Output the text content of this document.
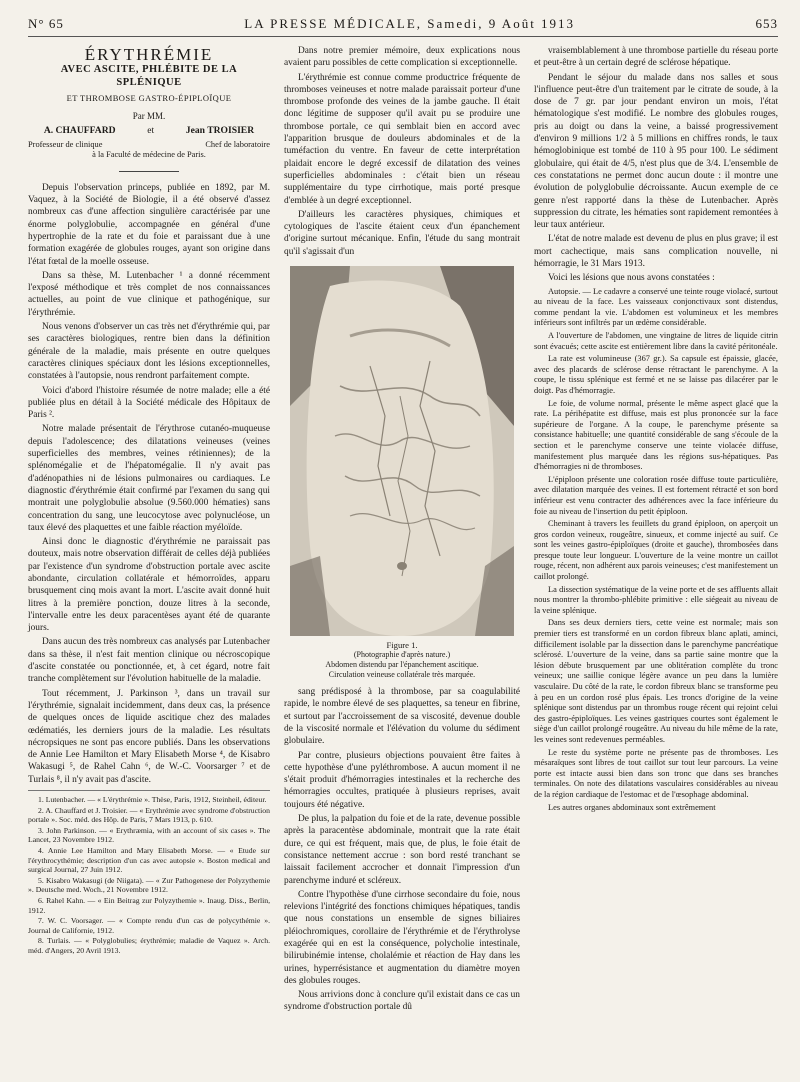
N° 65	LA PRESSE MÉDICALE, Samedi, 9 Août 1913	653
ÉRYTHRÉMIE
AVEC ASCITE, PHLÉBITE DE LA SPLÉNIQUE
ET THROMBOSE GASTRO-ÉPIPLOÏQUE
Par MM.
A. CHAUFFARD	et	Jean TROISIER
Professeur de clinique	Chef de laboratoire
à la Faculté de médecine de Paris.

Depuis l'observation princeps, publiée en 1892, par M. Vaquez, à la Société de Biologie, il a été observé d'assez nombreux cas d'une affection singulière caractérisée par une énorme polyglobulie, accompagnée en général d'une hypertrophie de la rate et du foie et paraissant due à une formation exagérée de globules rouges, ayant son origine dans l'état fœtal de la moelle osseuse.

Dans sa thèse, M. Lutenbacher ¹ a donné récemment l'exposé méthodique et très complet de nos connaissances actuelles, au point de vue clinique et pathogénique, sur l'érythrémie.

Nous venons d'observer un cas très net d'érythrémie qui, par ses caractères biologiques, rentre bien dans la définition générale de la maladie, mais présente en outre quelques caractères cliniques spéciaux dont les lésions exceptionnelles, constatées à l'autopsie, nous rendront parfaitement compte.

Voici d'abord l'histoire résumée de notre malade; elle a été publiée plus en détail à la Société médicale des Hôpitaux de Paris ².

Notre malade présentait de l'érythrose cutanéo-muqueuse depuis l'adolescence; des dilatations veineuses (veines superficielles des membres, veines rétiniennes); de la splénomégalie et de l'hépatomégalie. Il n'y avait pas d'adénopathies ni de lésions pulmonaires ou cardiaques. Le diagnostic d'érythrémie était confirmé par l'examen du sang qui montrait une polyglobulie absolue (9.560.000 hématies) sans concentration du sang, une leucocytose avec polynucléose, un taux élevé des plaquettes et une faible réaction myéloïde.

Ainsi donc le diagnostic d'érythrémie ne paraissait pas douteux, mais notre observation différait de celles déjà publiées par l'existence d'un syndrome d'obstruction portale avec ascite abondante, circulation collatérale et hémorroïdes, apparu brusquement cinq mois avant la mort. L'ascite avait donné huit litres à la première ponction, douze litres à la seconde, l'intervalle entre les deux paracentèses ayant été de quarante jours.

Dans aucun des très nombreux cas analysés par Lutenbacher dans sa thèse, il n'est fait mention clinique ou nécroscopique d'ascite constatée ou ponctionnée, et, à cet égard, notre fait tranche complètement sur l'évolution habituelle de la maladie.

Tout récemment, J. Parkinson ³, dans un travail sur l'érythrémie, signalait incidemment, dans deux cas, la présence de quelques onces de liquide ascitique chez des malades œdématiés, les derniers jours de la maladie. Les résultats nécropsiques ne sont pas encore publiés. Dans les observations de Annie Lee Hamilton et Mary Elisabeth Morse ⁴, de Kisabro Wakasugi ⁵, de Rahel Cahn ⁶, de W.-C. Voorsarger ⁷ et de Turlais ⁸, il n'y avait pas d'ascite.

1. Lutenbacher. — « L'érythrémie ». Thèse, Paris, 1912, Steinheil, éditeur.
2. A. Chauffard et J. Troisier. — « Erythrémie avec syndrome d'obstruction portale ». Soc. méd. des Hôp. de Paris, 7 Mars 1913, p. 610.
3. John Parkinson. — « Erythræmia, with an account of six cases ». The Lancet, 23 Novembre 1912.
4. Annie Lee Hamilton and Mary Elisabeth Morse. — « Etude sur l'érythrocythémie; description d'un cas avec autopsie ». Boston medical and surgical Journal, 27 Juin 1912.
5. Kisabro Wakasugi (de Niigata). — « Zur Pathogenese der Polyzythemie ». Deutsche med. Woch., 21 Novembre 1912.
6. Rahel Kahn. — « Ein Beitrag zur Polyzythemie ». Inaug. Diss., Berlin, 1912.
7. W. C. Voorsager. — « Compte rendu d'un cas de polycythémie ». Journal de Californie, 1912.
8. Turlais. — « Polyglobulies; érythrémie; maladie de Vaquez ». Arch. méd. d'Angers, 20 Avril 1913.

Dans notre premier mémoire, deux explications nous avaient paru possibles de cette complication si exceptionnelle.

L'érythrémie est connue comme productrice fréquente de thromboses veineuses et notre malade paraissait porteur d'une thrombose profonde des veines de la jambe gauche. Il était donc légitime de supposer qu'il avait pu se produire une thrombose portale, ce qui semblait bien en accord avec l'apparition brusque de douleurs abdominales et de la tuméfaction du ventre. En faveur de cette interprétation plaidait encore le degré excessif de dilatation des veines superficielles abdominales : c'était bien un réseau supplémentaire du type cirrhotique, mais porté presque d'emblée à un degré exceptionnel.

D'ailleurs les caractères physiques, chimiques et cytologiques de l'ascite étaient ceux d'un épanchement d'origine surtout mécanique. Enfin, l'étude du sang montrait qu'il s'agissait d'un

Figure 1.
(Photographie d'après nature.)
Abdomen distendu par l'épanchement ascitique.
Circulation veineuse collatérale très marquée.

sang prédisposé à la thrombose, par sa coagulabilité rapide, le nombre élevé de ses plaquettes, sa teneur en fibrine, et surtout par l'accroissement de sa viscosité, devenue double de la viscosité normale et l'élévation du volume du sédiment globulaire.

Par contre, plusieurs objections pouvaient être faites à cette hypothèse d'une pyléthrombose. A aucun moment il ne s'était produit d'hémorragies intestinales et la recherche des hémorragies occultes, pratiquée à plusieurs reprises, avait toujours été négative.

De plus, la palpation du foie et de la rate, devenue possible après la paracentèse abdominale, montrait que la rate était dure, ce qui est fréquent, mais que, de plus, le foie était de consistance nettement accrue : son bord resté tranchant se laissait facilement accrocher et donnait l'impression d'un parenchyme induré et scléreux.

Contre l'hypothèse d'une cirrhose secondaire du foie, nous relevions l'intégrité des fonctions chimiques hépatiques, tandis que nous constations un ensemble de signes biliaires pléiochromiques, corollaire de l'érythrémie et de l'érythrolyse exagérée qui en est la conséquence, polycholie intestinale, bilirubinémie intense, cholalémie et réaction de Hay dans les urines, hyperrésistance et augmentation du diamètre moyen des globules rouges.

Nous arrivions donc à conclure qu'il existait dans ce cas un syndrome d'obstruction portale dû

vraisemblablement à une thrombose partielle du réseau porte et peut-être à un certain degré de sclérose hépatique.

Pendant le séjour du malade dans nos salles et sous l'influence peut-être d'un traitement par le citrate de soude, à la dose de 7 gr. par jour pendant environ un mois, l'état hématologique s'est modifié. Le nombre des globules rouges, pris au doigt ou dans la veine, a baissé progressivement d'environ 9 millions 1/2 à 5 millions en chiffres ronds, le taux hémoglobinique est tombé de 110 à 95 pour 100. Le sédiment globulaire, qui était de 4/5, n'est plus que de 3/4. L'ensemble de ces constatations ne permet donc aucun doute : il montre une évolution de polyglobulie décroissante. Aucun exemple de ce genre n'est rapporté dans la thèse de Lutenbacher. Après suppression du citrate, les hématies sont rapidement remontées à leur taux antérieur.

L'état de notre malade est devenu de plus en plus grave; il est mort cachectique, mais sans complication nouvelle, ni hémorragie, le 31 Mars 1913.

Voici les lésions que nous avons constatées :

Autopsie. — Le cadavre a conservé une teinte rouge violacé, surtout au niveau de la face. Les vaisseaux conjonctivaux sont distendus, comme pendant la vie. L'abdomen est volumineux et les membres inférieurs sont infiltrés par un œdème considérable.

A l'ouverture de l'abdomen, une vingtaine de litres de liquide citrin sont évacués; cette ascite est entièrement libre dans la cavité péritonéale.

La rate est volumineuse (367 gr.). Sa capsule est épaissie, glacée, avec des placards de sclérose dense rétractant le parenchyme. A la coupe, le tissu splénique est fermé et ne se laisse pas dilacérer par le doigt. Pas d'hémorragie.

Le foie, de volume normal, présente le même aspect glacé que la rate. La périhépatite est diffuse, mais est plus prononcée sur la face supérieure de l'organe. A la coupe, le parenchyme présente sa consistance habituelle; une quantité considérable de sang s'écoule de la section et le parenchyme conserve une teinte violacée diffuse, manifestement plus marquée dans les régions sus-hépatiques. Pas d'hémorragies ni de thromboses.

L'épiploon présente une coloration rosée diffuse toute particulière, avec dilatation marquée des veines. Il est fortement rétracté et son bord inférieur est venu contracter des adhérences avec la face inférieure du foie au niveau de l'insertion du petit épiploon.

Cheminant à travers les feuillets du grand épiploon, on aperçoit un gros cordon veineux, rougeâtre, sinueux, et comme injecté au suif. Ce sont les veines gastro-épiploïques (droite et gauche), thrombosées dans presque toute leur longueur. L'ouverture de la veine montre un caillot rouge, récent, non adhérent aux parois veineuses; c'est manifestement un caillot prolongé.

La dissection systématique de la veine porte et de ses affluents allait nous montrer la thrombo-phlébite primitive : elle siégeait au niveau de la veine splénique.

Dans ses deux derniers tiers, cette veine est normale; mais son premier tiers est transformé en un cordon fibreux blanc aplati, aminci, difficilement isolable par la dissection dans le parenchyme pancréatique sclérosé. L'ouverture de la veine, dans sa partie saine montre que la lésion débute brusquement par une oblitération complète du tronc veineux; une saillie conique légère avance un peu dans la lumière vasculaire. Du côté de la rate, le cordon fibreux blanc se transforme peu à peu en un cordon rosé plus épais. Les troncs d'origine de la veine splénique sont distendus par un thrombus rouge récent qui rejoint celui des gastro-épiploïques. Les veines gastriques courtes sont également le siège d'un caillot prolongé rougeâtre. Au niveau du hile même de la rate, les veines sont redevenues perméables.

Le reste du système porte ne présente pas de thromboses. Les mésaraïques sont libres de tout caillot sur tout leur parcours. La veine porte est intacte aussi bien dans son tronc que dans ses branches terminales. On note des dilatations vasculaires considérables au niveau de la région cardiaque de l'estomac et de l'œsophage abdominal.

Les autres organes abdominaux sont extrêmement
